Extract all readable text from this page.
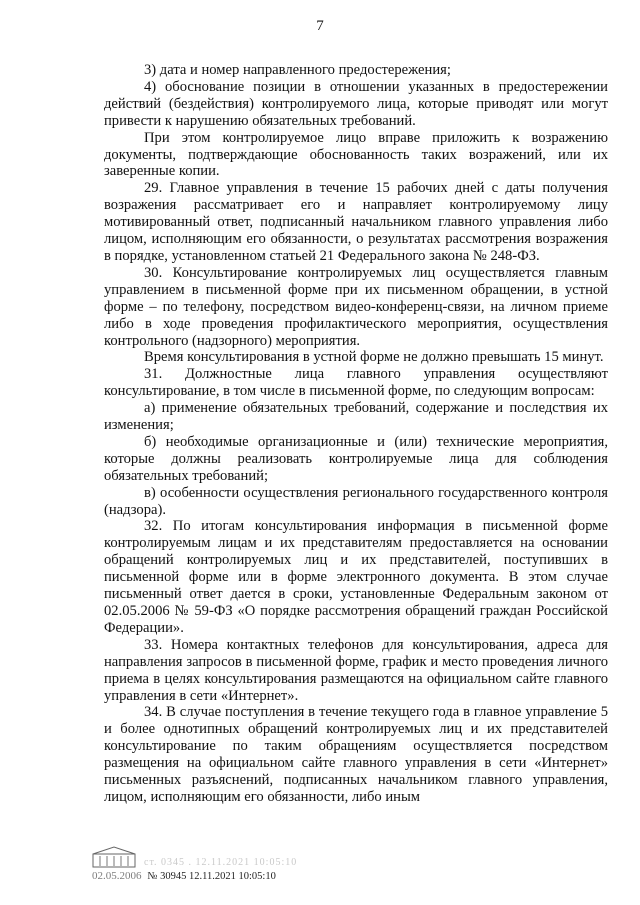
7

3) дата и номер направленного предостережения;

4) обоснование позиции в отношении указанных в предостережении действий (бездействия) контролируемого лица, которые приводят или могут привести к нарушению обязательных требований.

При этом контролируемое лицо вправе приложить к возражению документы, подтверждающие обоснованность таких возражений, или их заверенные копии.

29. Главное управления в течение 15 рабочих дней с даты получения возражения рассматривает его и направляет контролируемому лицу мотивированный ответ, подписанный начальником главного управления либо лицом, исполняющим его обязанности, о результатах рассмотрения возражения в порядке, установленном статьей 21 Федерального закона № 248-ФЗ.

30. Консультирование контролируемых лиц осуществляется главным управлением в письменной форме при их письменном обращении, в устной форме – по телефону, посредством видео-конференц-связи, на личном приеме либо в ходе проведения профилактического мероприятия, осуществления контрольного (надзорного) мероприятия.

Время консультирования в устной форме не должно превышать 15 минут.

31. Должностные лица главного управления осуществляют консультирование, в том числе в письменной форме, по следующим вопросам:

а) применение обязательных требований, содержание и последствия их изменения;

б) необходимые организационные и (или) технические мероприятия, которые должны реализовать контролируемые лица для соблюдения обязательных требований;

в) особенности осуществления регионального государственного контроля (надзора).

32. По итогам консультирования информация в письменной форме контролируемым лицам и их представителям предоставляется на основании обращений контролируемых лиц и их представителей, поступивших в письменной форме или в форме электронного документа. В этом случае письменный ответ дается в сроки, установленные Федеральным законом от 02.05.2006 № 59-ФЗ «О порядке рассмотрения обращений граждан Российской Федерации».

33. Номера контактных телефонов для консультирования, адреса для направления запросов в письменной форме, график и место проведения личного приема в целях консультирования размещаются на официальном сайте главного управления в сети «Интернет».

34. В случае поступления в течение текущего года в главное управление 5 и более однотипных обращений контролируемых лиц и их представителей консультирование по таким обращениям осуществляется посредством размещения на официальном сайте главного управления в сети «Интернет» письменных разъяснений, подписанных начальником главного управления, лицом, исполняющим его обязанности, либо иным

ст. 0345 . 12.11.2021 10:05:10
02.05.2006 № 30945 12.11.2021 10:05:10
